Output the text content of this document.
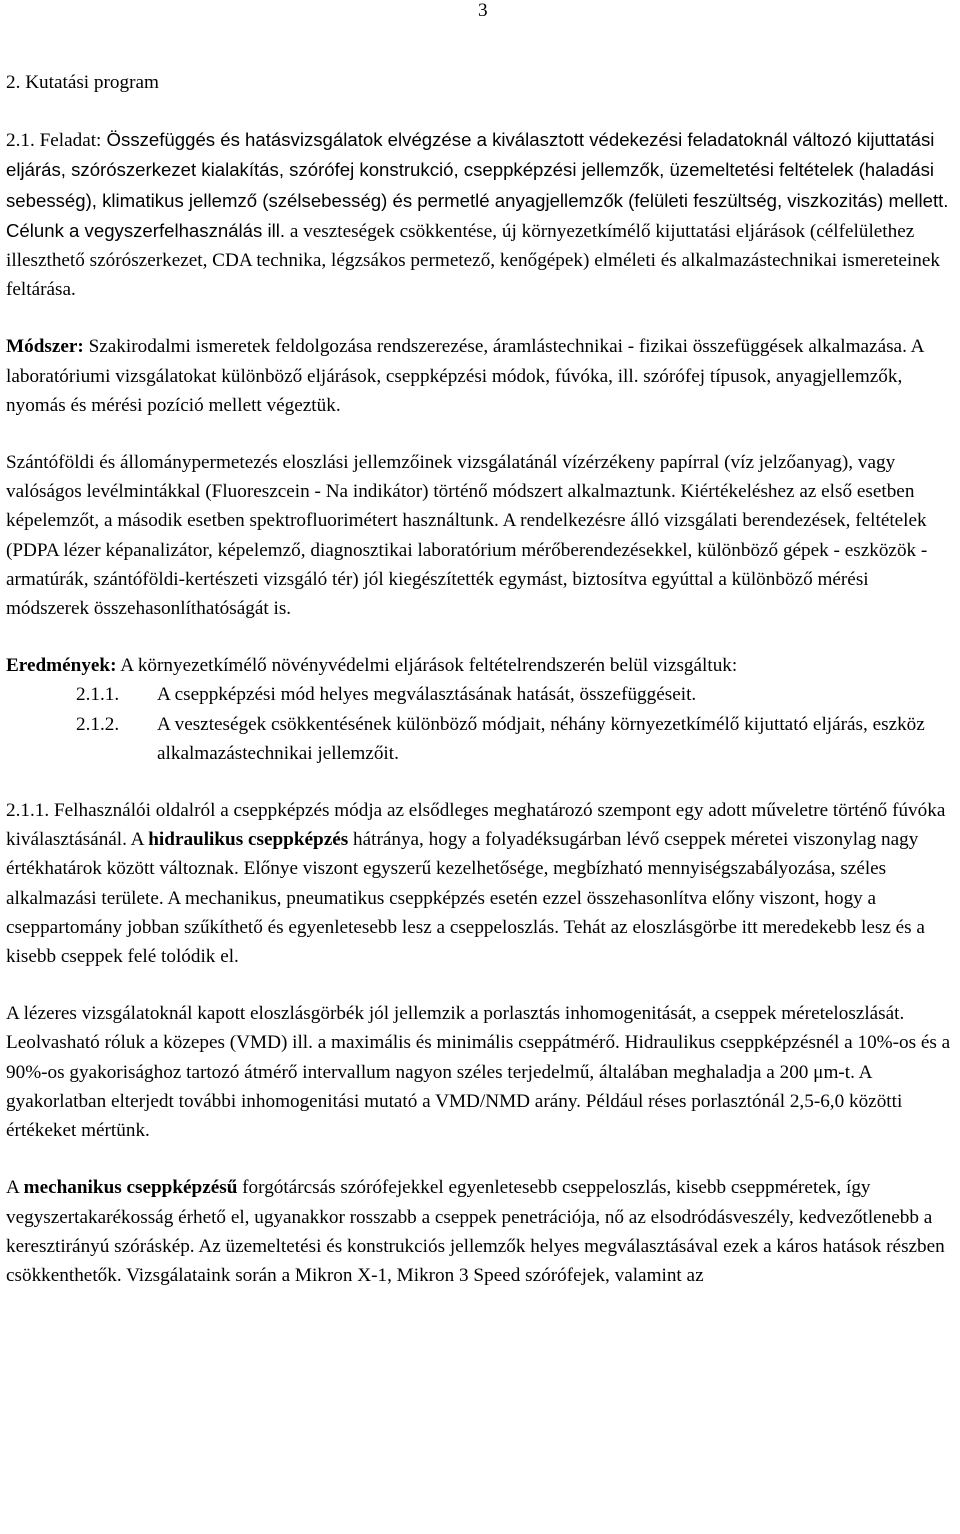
3

2. Kutatási program

2.1. Feladat: Összefüggés és hatásvizsgálatok elvégzése a kiválasztott védekezési feladatoknál változó kijuttatási eljárás, szórószerkezet kialakítás, szórófej konstrukció, cseppképzési jellemzők, üzemeltetési feltételek (haladási sebesség), klimatikus jellemző (szélsebesség) és permetlé anyagjellemzők (felületi feszültség, viszkozitás) mellett. Célunk a vegyszerfelhasználás ill. a veszteségek csökkentése, új környezetkímélő kijuttatási eljárások (célfelülethez illeszthető szórószerkezet, CDA technika, légzsákos permetező, kenőgépek) elméleti és alkalmazástechnikai ismereteinek feltárása.

Módszer: Szakirodalmi ismeretek feldolgozása rendszerezése, áramlástechnikai - fizikai összefüggések alkalmazása. A laboratóriumi vizsgálatokat különböző eljárások, cseppképzési módok, fúvóka, ill. szórófej típusok, anyagjellemzők, nyomás és mérési pozíció mellett végeztük.

Szántóföldi és állománypermetezés eloszlási jellemzőinek vizsgálatánál vízérzékeny papírral (víz jelzőanyag), vagy valóságos levélmintákkal (Fluoreszcein - Na indikátor) történő módszert alkalmaztunk. Kiértékeléshez az első esetben képelemzőt, a második esetben spektrofluorimétert használtunk. A rendelkezésre álló vizsgálati berendezések, feltételek (PDPA lézer képanalizátor, képelemző, diagnosztikai laboratórium mérőberendezésekkel, különböző gépek - eszközök - armatúrák, szántóföldi-kertészeti vizsgáló tér) jól kiegészítették egymást, biztosítva egyúttal a különböző mérési módszerek összehasonlíthatóságát is.

Eredmények: A környezetkímélő növényvédelmi eljárások feltételrendszerén belül vizsgáltuk:

2.1.1.	A cseppképzési mód helyes megválasztásának hatását, összefüggéseit.
2.1.2.	A veszteségek csökkentésének különböző módjait, néhány környezetkímélő kijuttató eljárás, eszköz alkalmazástechnikai jellemzőit.

2.1.1. Felhasználói oldalról a cseppképzés módja az elsődleges meghatározó szempont egy adott műveletre történő fúvóka kiválasztásánál. A hidraulikus cseppképzés hátránya, hogy a folyadéksugárban lévő cseppek méretei viszonylag nagy értékhatárok között változnak. Előnye viszont egyszerű kezelhetősége, megbízható mennyiségszabályozása, széles alkalmazási területe. A mechanikus, pneumatikus cseppképzés esetén ezzel összehasonlítva előny viszont, hogy a cseppartomány jobban szűkíthető és egyenletesebb lesz a cseppeloszlás. Tehát az eloszlásgörbe itt meredekebb lesz és a kisebb cseppek felé tolódik el.

A lézeres vizsgálatoknál kapott eloszlásgörbék jól jellemzik a porlasztás inhomogenitását, a cseppek méreteloszlását. Leolvasható róluk a közepes (VMD) ill. a maximális és minimális cseppátmérő. Hidraulikus cseppképzésnél a 10%-os és a 90%-os gyakorisághoz tartozó átmérő intervallum nagyon széles terjedelmű, általában meghaladja a 200 μm-t. A gyakorlatban elterjedt további inhomogenitási mutató a VMD/NMD arány. Például réses porlasztónál 2,5-6,0 közötti értékeket mértünk.

A mechanikus cseppképzésű forgótárcsás szórófejekkel egyenletesebb cseppeloszlás, kisebb cseppméretek, így vegyszertakarékosság érhető el, ugyanakkor rosszabb a cseppek penetrációja, nő az elsodródásveszély, kedvezőtlenebb a keresztirányú szóráskép. Az üzemeltetési és konstrukciós jellemzők helyes megválasztásával ezek a káros hatások részben csökkenthetők. Vizsgálataink során a Mikron X-1, Mikron 3 Speed szórófejek, valamint az
